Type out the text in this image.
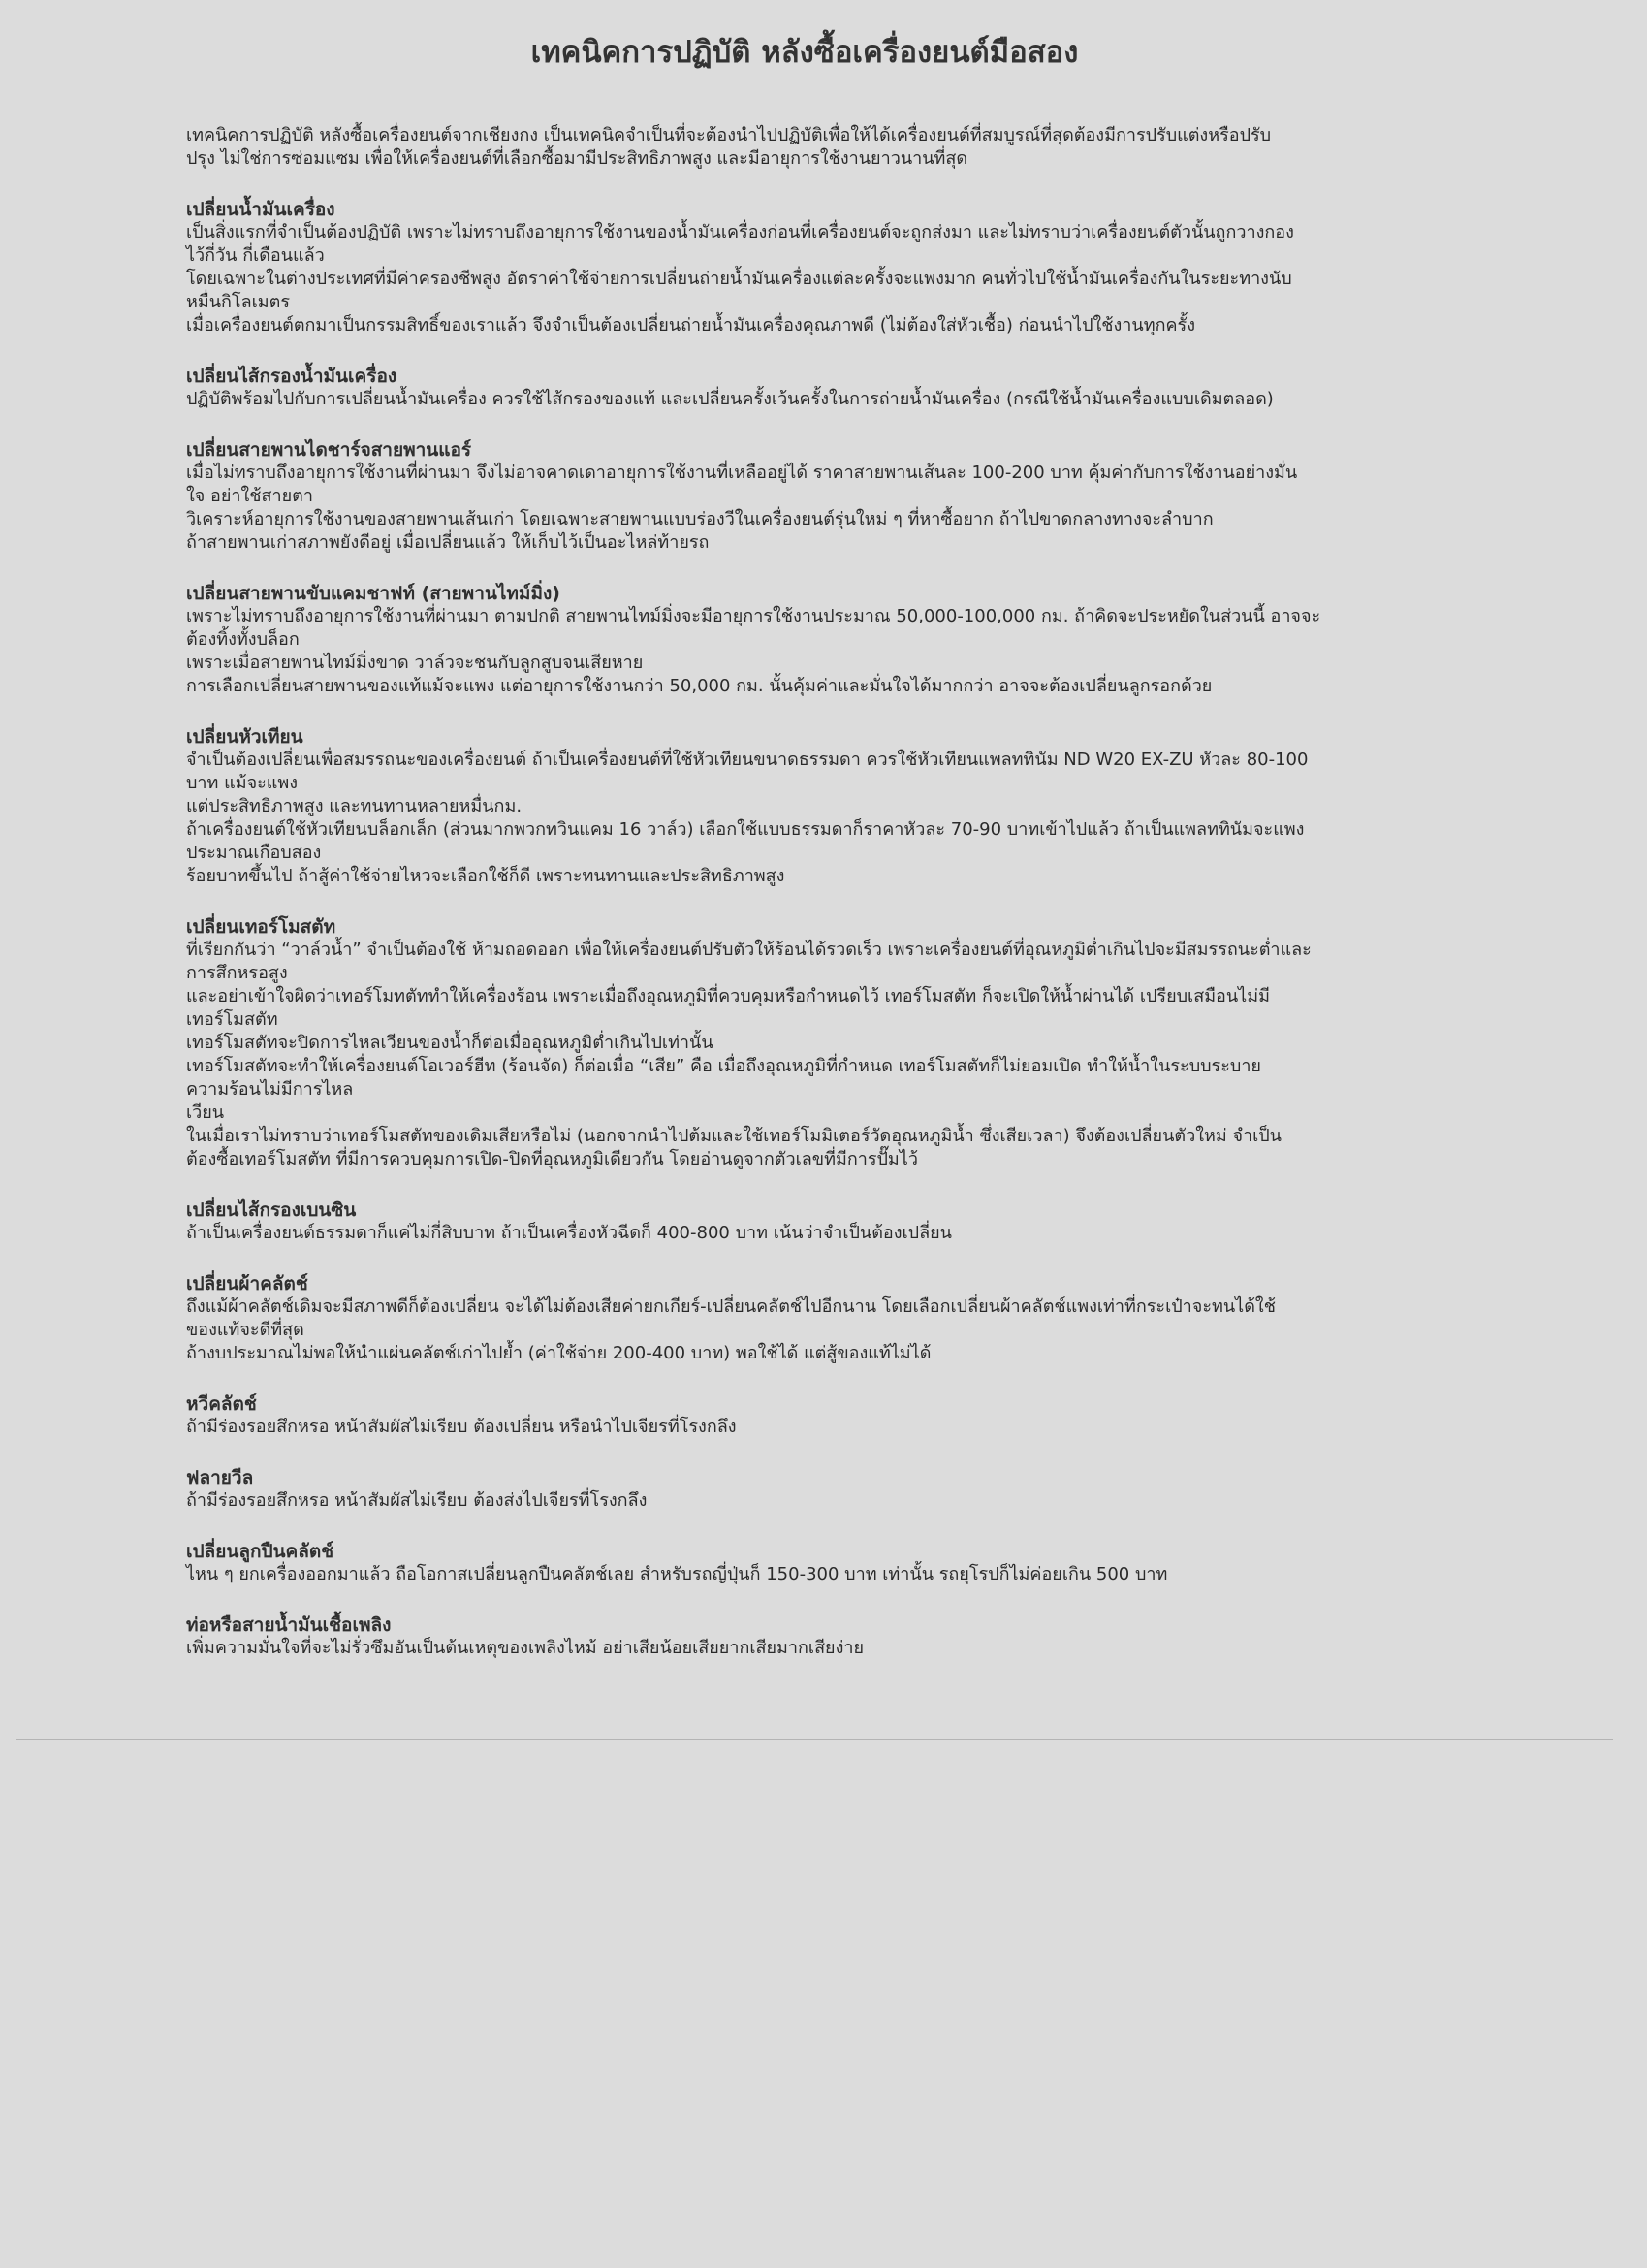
เทคนิคการปฏิบัติ หลังซื้อเครื่องยนต์มือสอง
เทคนิคการปฏิบัติ หลังซื้อเครื่องยนต์จากเชียงกง เป็นเทคนิคจำเป็นที่จะต้องนำไปปฏิบัติเพื่อให้ได้เครื่องยนต์ที่สมบูรณ์ที่สุดต้องมีการปรับแต่งหรือปรับ
ปรุง ไม่ใช่การซ่อมแซม เพื่อให้เครื่องยนต์ที่เลือกซื้อมามีประสิทธิภาพสูง และมีอายุการใช้งานยาวนานที่สุด
เปลี่ยนน้ำมันเครื่อง
เป็นสิ่งแรกที่จำเป็นต้องปฏิบัติ เพราะไม่ทราบถึงอายุการใช้งานของน้ำมันเครื่องก่อนที่เครื่องยนต์จะถูกส่งมา และไม่ทราบว่าเครื่องยนต์ตัวนั้นถูกวางกอง
ไว้กี่วัน กี่เดือนแล้ว
โดยเฉพาะในต่างประเทศที่มีค่าครองชีพสูง อัตราค่าใช้จ่ายการเปลี่ยนถ่ายน้ำมันเครื่องแต่ละครั้งจะแพงมาก คนทั่วไปใช้น้ำมันเครื่องกันในระยะทางนับ
หมื่นกิโลเมตร
เมื่อเครื่องยนต์ตกมาเป็นกรรมสิทธิ์ของเราแล้ว จึงจำเป็นต้องเปลี่ยนถ่ายน้ำมันเครื่องคุณภาพดี (ไม่ต้องใส่หัวเชื้อ) ก่อนนำไปใช้งานทุกครั้ง
เปลี่ยนไส้กรองน้ำมันเครื่อง
ปฏิบัติพร้อมไปกับการเปลี่ยนน้ำมันเครื่อง ควรใช้ไส้กรองของแท้ และเปลี่ยนครั้งเว้นครั้งในการถ่ายน้ำมันเครื่อง (กรณีใช้น้ำมันเครื่องแบบเดิมตลอด)
เปลี่ยนสายพานไดชาร์จสายพานแอร์
เมื่อไม่ทราบถึงอายุการใช้งานที่ผ่านมา จึงไม่อาจคาดเดาอายุการใช้งานที่เหลืออยู่ได้ ราคาสายพานเส้นละ 100-200 บาท คุ้มค่ากับการใช้งานอย่างมั่น
ใจ อย่าใช้สายตา
วิเคราะห์อายุการใช้งานของสายพานเส้นเก่า โดยเฉพาะสายพานแบบร่องวีในเครื่องยนต์รุ่นใหม่ ๆ ที่หาซื้อยาก ถ้าไปขาดกลางทางจะลำบาก
ถ้าสายพานเก่าสภาพยังดีอยู่ เมื่อเปลี่ยนแล้ว ให้เก็บไว้เป็นอะไหล่ท้ายรถ
เปลี่ยนสายพานขับแคมชาฟท์ (สายพานไทม์มิ่ง)
เพราะไม่ทราบถึงอายุการใช้งานที่ผ่านมา ตามปกติ สายพานไทม์มิ่งจะมีอายุการใช้งานประมาณ 50,000-100,000 กม. ถ้าคิดจะประหยัดในส่วนนี้ อาจจะ
ต้องทิ้งทั้งบล็อก
เพราะเมื่อสายพานไทม์มิ่งขาด วาล์วจะชนกับลูกสูบจนเสียหาย
การเลือกเปลี่ยนสายพานของแท้แม้จะแพง แต่อายุการใช้งานกว่า 50,000 กม. นั้นคุ้มค่าและมั่นใจได้มากกว่า อาจจะต้องเปลี่ยนลูกรอกด้วย
เปลี่ยนหัวเทียน
จำเป็นต้องเปลี่ยนเพื่อสมรรถนะของเครื่องยนต์ ถ้าเป็นเครื่องยนต์ที่ใช้หัวเทียนขนาดธรรมดา ควรใช้หัวเทียนแพลททินัม ND W20 EX-ZU หัวละ 80-100
บาท แม้จะแพง
แต่ประสิทธิภาพสูง และทนทานหลายหมื่นกม.
ถ้าเครื่องยนต์ใช้หัวเทียนบล็อกเล็ก (ส่วนมากพวกทวินแคม 16 วาล์ว) เลือกใช้แบบธรรมดาก็ราคาหัวละ 70-90 บาทเข้าไปแล้ว ถ้าเป็นแพลททินัมจะแพง
ประมาณเกือบสอง
ร้อยบาทขึ้นไป ถ้าสู้ค่าใช้จ่ายไหวจะเลือกใช้ก็ดี เพราะทนทานและประสิทธิภาพสูง
เปลี่ยนเทอร์โมสตัท
ที่เรียกกันว่า “วาล์วน้ำ” จำเป็นต้องใช้ ห้ามถอดออก เพื่อให้เครื่องยนต์ปรับตัวให้ร้อนได้รวดเร็ว เพราะเครื่องยนต์ที่อุณหภูมิต่ำเกินไปจะมีสมรรถนะต่ำและ
การสึกหรอสูง
และอย่าเข้าใจผิดว่าเทอร์โมทตัททำให้เครื่องร้อน เพราะเมื่อถึงอุณหภูมิที่ควบคุมหรือกำหนดไว้ เทอร์โมสตัท ก็จะเปิดให้น้ำผ่านได้ เปรียบเสมือนไม่มี
เทอร์โมสตัท
เทอร์โมสตัทจะปิดการไหลเวียนของน้ำก็ต่อเมื่ออุณหภูมิต่ำเกินไปเท่านั้น
เทอร์โมสตัทจะทำให้เครื่องยนต์โอเวอร์ฮีท (ร้อนจัด) ก็ต่อเมื่อ “เสีย” คือ เมื่อถึงอุณหภูมิที่กำหนด เทอร์โมสตัทก็ไม่ยอมเปิด ทำให้น้ำในระบบระบาย
ความร้อนไม่มีการไหล
เวียน
ในเมื่อเราไม่ทราบว่าเทอร์โมสตัทของเดิมเสียหรือไม่ (นอกจากนำไปต้มและใช้เทอร์โมมิเตอร์วัดอุณหภูมิน้ำ ซึ่งเสียเวลา) จึงต้องเปลี่ยนตัวใหม่ จำเป็น
ต้องซื้อเทอร์โมสตัท ที่มีการควบคุมการเปิด-ปิดที่อุณหภูมิเดียวกัน โดยอ่านดูจากตัวเลขที่มีการปั๊มไว้
เปลี่ยนไส้กรองเบนซิน
ถ้าเป็นเครื่องยนต์ธรรมดาก็แค่ไม่กี่สิบบาท ถ้าเป็นเครื่องหัวฉีดก็ 400-800 บาท เน้นว่าจำเป็นต้องเปลี่ยน
เปลี่ยนผ้าคลัตช์
ถึงแม้ผ้าคลัตช์เดิมจะมีสภาพดีก็ต้องเปลี่ยน จะได้ไม่ต้องเสียค่ายกเกียร์-เปลี่ยนคลัตช์ไปอีกนาน โดยเลือกเปลี่ยนผ้าคลัตช์แพงเท่าที่กระเป๋าจะทนได้ใช้
ของแท้จะดีที่สุด
ถ้างบประมาณไม่พอให้นำแผ่นคลัตช์เก่าไปย้ำ (ค่าใช้จ่าย 200-400 บาท) พอใช้ได้ แต่สู้ของแท้ไม่ได้
หวีคลัตช์
ถ้ามีร่องรอยสึกหรอ หน้าสัมผัสไม่เรียบ ต้องเปลี่ยน หรือนำไปเจียรที่โรงกลึง
ฟลายวีล
ถ้ามีร่องรอยสึกหรอ หน้าสัมผัสไม่เรียบ ต้องส่งไปเจียรที่โรงกลึง
เปลี่ยนลูกปืนคลัตช์
ไหน ๆ ยกเครื่องออกมาแล้ว ถือโอกาสเปลี่ยนลูกปืนคลัตช์เลย สำหรับรถญี่ปุ่นก็ 150-300 บาท เท่านั้น รถยุโรปก็ไม่ค่อยเกิน 500 บาท
ท่อหรือสายน้ำมันเชื้อเพลิง
เพิ่มความมั่นใจที่จะไม่รั่วซึมอันเป็นต้นเหตุของเพลิงไหม้ อย่าเสียน้อยเสียยากเสียมากเสียง่าย
